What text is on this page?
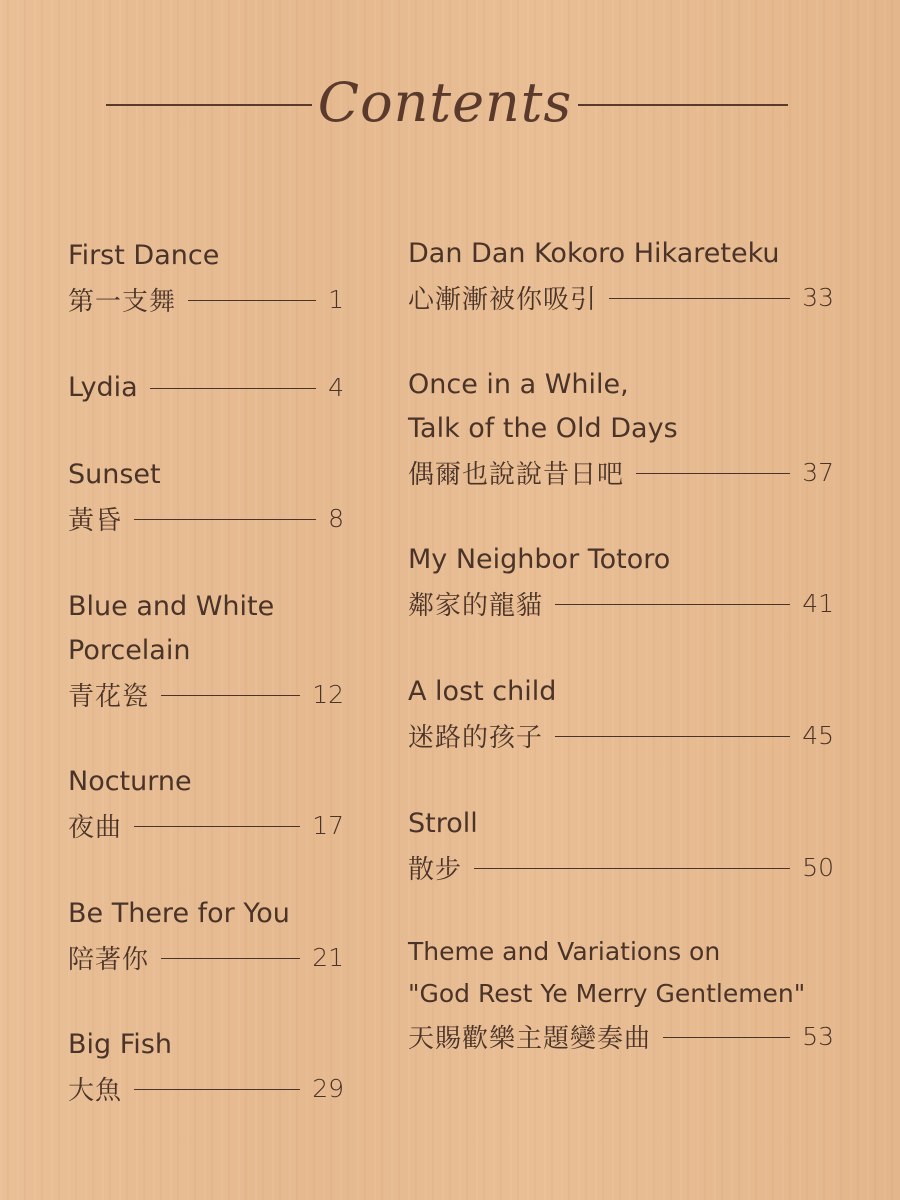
Contents
First Dance
第一支舞	1
Lydia	4
Sunset
黃昏	8
Blue and White
Porcelain
青花瓷	12
Nocturne
夜曲	17
Be There for You
陪著你	21
Big Fish
大魚	29
Dan Dan Kokoro Hikareteku
心漸漸被你吸引	33
Once in a While,
Talk of the Old Days
偶爾也說說昔日吧	37
My Neighbor Totoro
鄰家的龍貓	41
A lost child
迷路的孩子	45
Stroll
散步	50
Theme and Variations on
"God Rest Ye Merry Gentlemen"
天賜歡樂主題變奏曲	53
